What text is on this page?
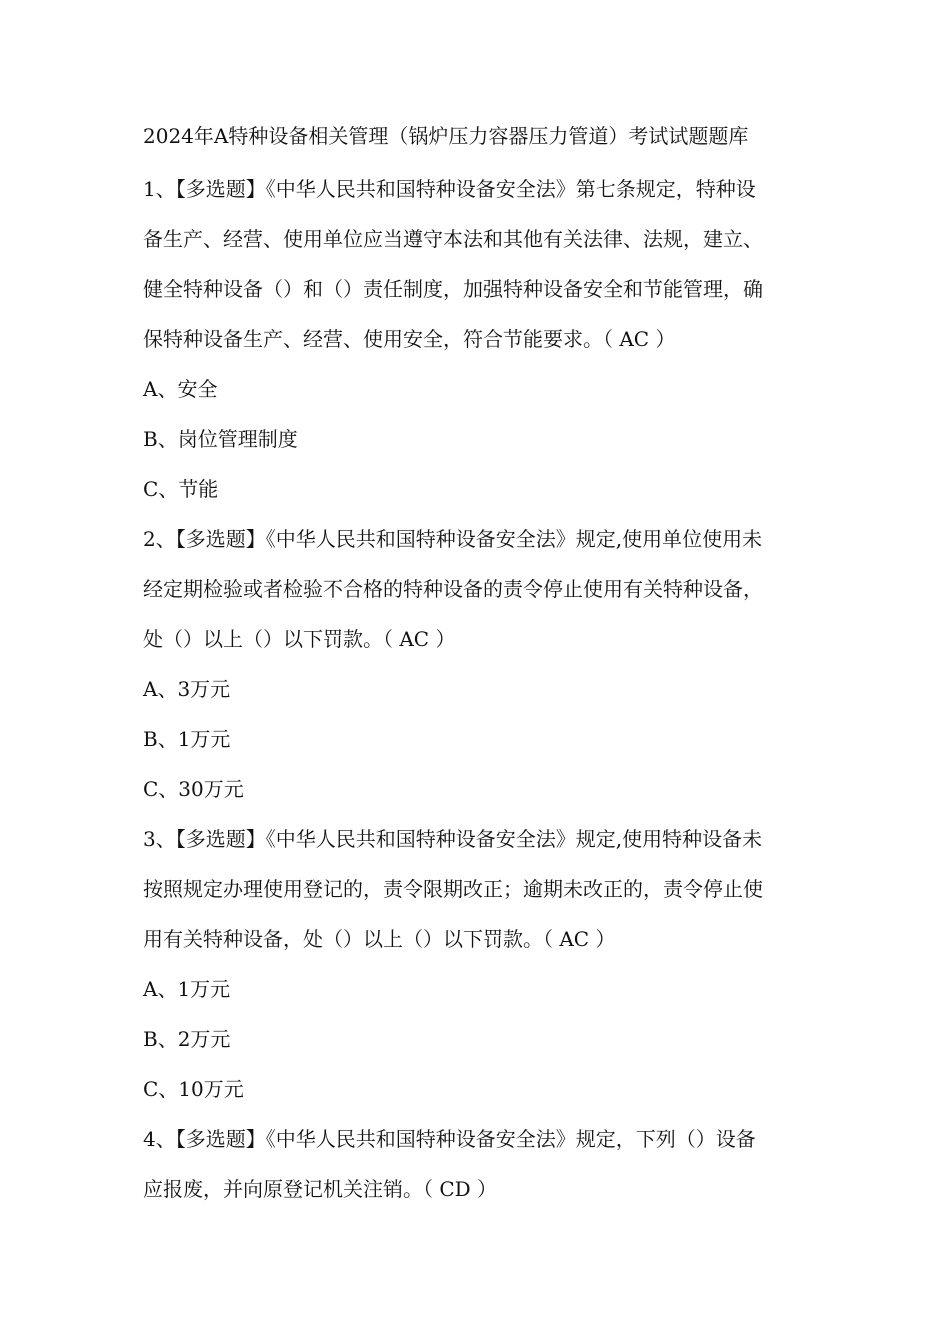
2024年A特种设备相关管理（锅炉压力容器压力管道）考试试题题库
1、【多选题】《中华人民共和国特种设备安全法》第七条规定，特种设
备生产、经营、使用单位应当遵守本法和其他有关法律、法规，建立、
健全特种设备（）和（）责任制度，加强特种设备安全和节能管理，确
保特种设备生产、经营、使用安全，符合节能要求。（ AC ）
A、安全
B、岗位管理制度
C、节能
2、【多选题】《中华人民共和国特种设备安全法》规定,使用单位使用未
经定期检验或者检验不合格的特种设备的责令停止使用有关特种设备，
处（）以上（）以下罚款。（ AC ）
A、3万元
B、1万元
C、30万元
3、【多选题】《中华人民共和国特种设备安全法》规定,使用特种设备未
按照规定办理使用登记的，责令限期改正；逾期未改正的，责令停止使
用有关特种设备，处（）以上（）以下罚款。（ AC ）
A、1万元
B、2万元
C、10万元
4、【多选题】《中华人民共和国特种设备安全法》规定，下列（）设备
应报废，并向原登记机关注销。（ CD ）
